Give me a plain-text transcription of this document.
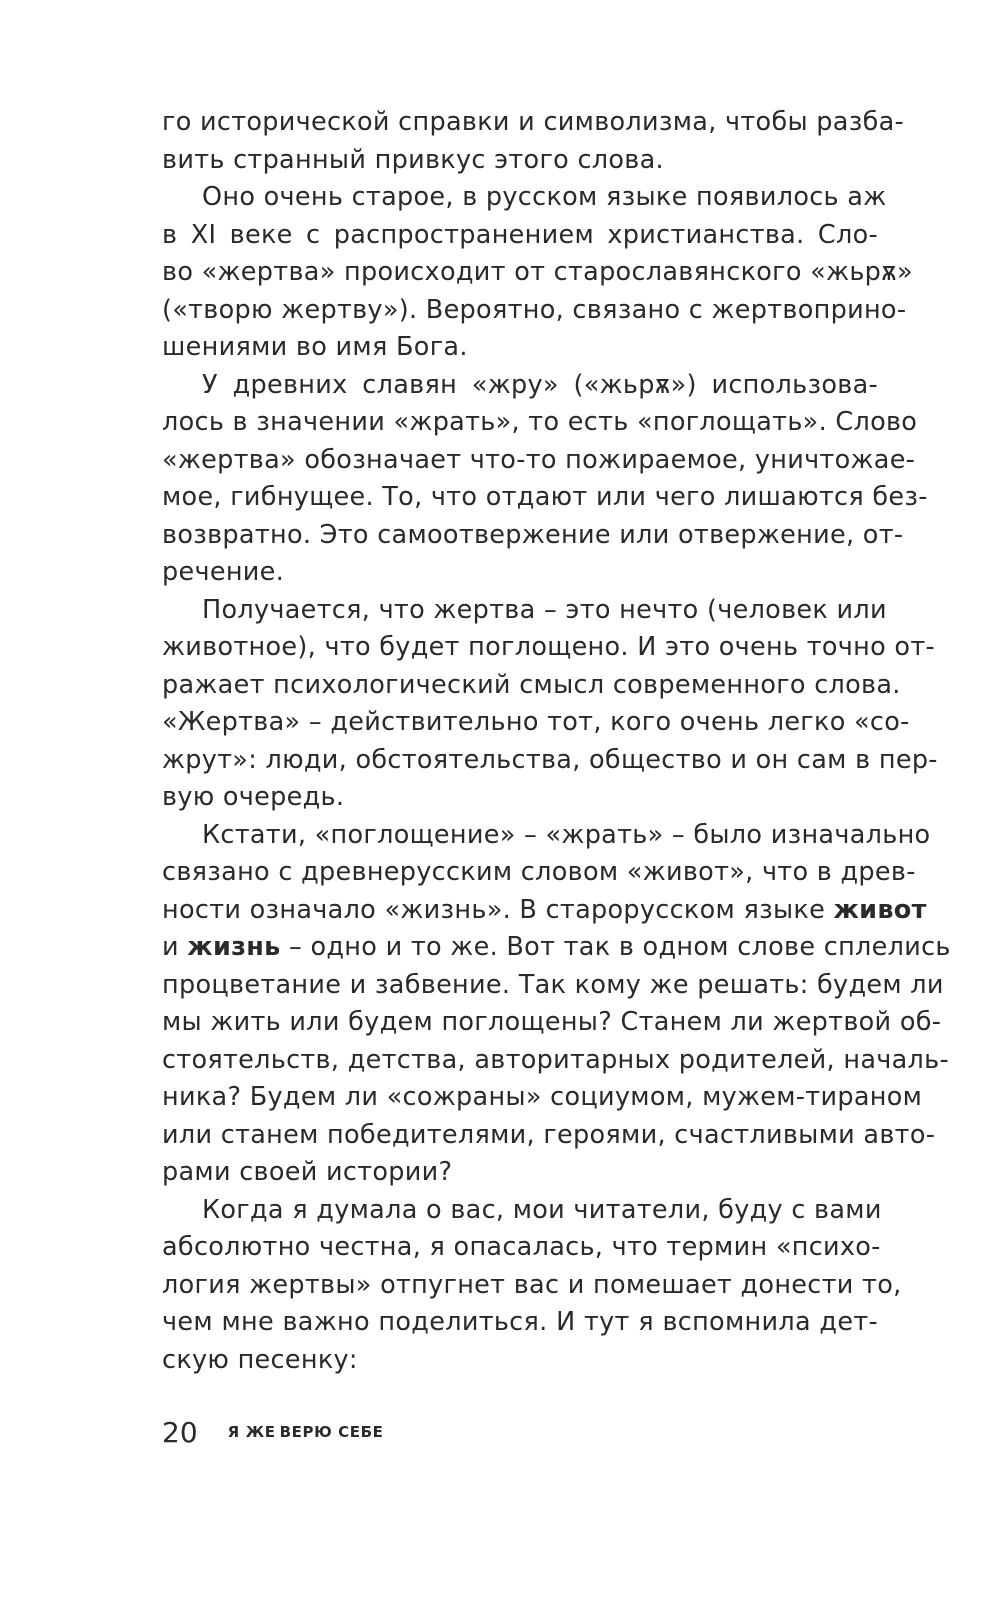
го исторической справки и символизма, чтобы разба-
вить странный привкус этого слова.
Оно очень старое, в русском языке появилось аж
в XI веке с распространением христианства. Сло-
во «жертва» происходит от старославянского «жьрѫ»
(«творю жертву»). Вероятно, связано с жертвоприно-
шениями во имя Бога.
У древних славян «жру» («жьрѫ») использова-
лось в значении «жрать», то есть «поглощать». Слово
«жертва» обозначает что-то пожираемое, уничтожае-
мое, гибнущее. То, что отдают или чего лишаются без-
возвратно. Это самоотвержение или отвержение, от-
речение.
Получается, что жертва – это нечто (человек или
животное), что будет поглощено. И это очень точно от-
ражает психологический смысл современного слова.
«Жертва» – действительно тот, кого очень легко «со-
жрут»: люди, обстоятельства, общество и он сам в пер-
вую очередь.
Кстати, «поглощение» – «жрать» – было изначально
связано с древнерусским словом «живот», что в древ-
ности означало «жизнь». В старорусском языке живот
и жизнь – одно и то же. Вот так в одном слове сплелись
процветание и забвение. Так кому же решать: будем ли
мы жить или будем поглощены? Станем ли жертвой об-
стоятельств, детства, авторитарных родителей, началь-
ника? Будем ли «сожраны» социумом, мужем-тираном
или станем победителями, героями, счастливыми авто-
рами своей истории?
Когда я думала о вас, мои читатели, буду с вами
абсолютно честна, я опасалась, что термин «психо-
логия жертвы» отпугнет вас и помешает донести то,
чем мне важно поделиться. И тут я вспомнила дет-
скую песенку:
20 Я ЖЕ ВЕРЮ СЕБЕ
